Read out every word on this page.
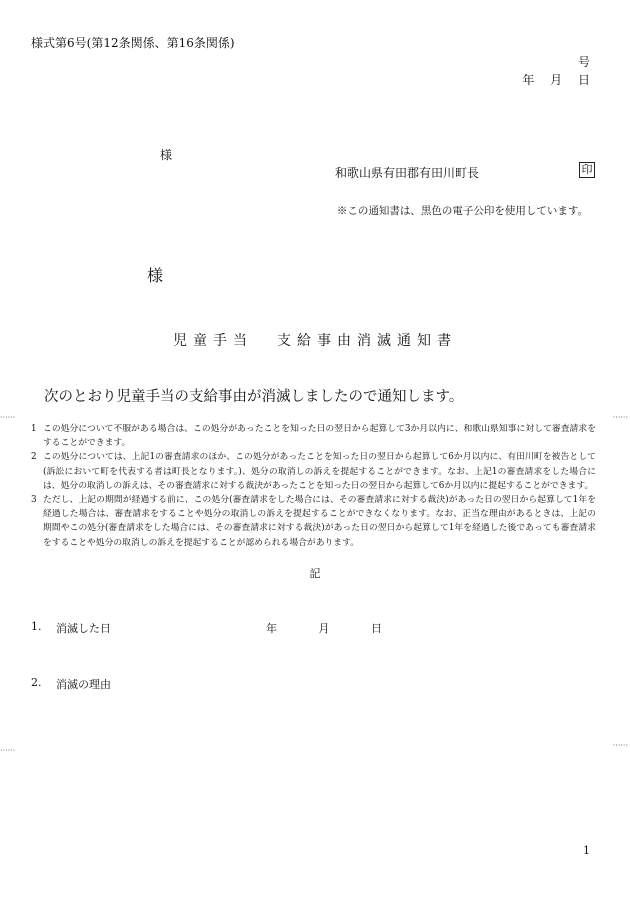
様式第6号(第12条関係、第16条関係)
号
年 月 日
様
和歌山県有田郡有田川町長	印
※この通知書は、黒色の電子公印を使用しています。
様
児童手当 支給事由消滅通知書
次のとおり児童手当の支給事由が消滅しましたので通知します。
1 この処分について不服がある場合は、この処分があったことを知った日の翌日から起算して3か月以内に、和歌山県知事に対して審査請求をすることができます。
2 この処分については、上記1の審査請求のほか、この処分があったことを知った日の翌日から起算して6か月以内に、有田川町を被告として(訴訟において町を代表する者は町長となります。)、処分の取消しの訴えを提起することができます。なお、上記1の審査請求をした場合には、処分の取消しの訴えは、その審査請求に対する裁決があったことを知った日の翌日から起算して6か月以内に提起することができます。
3 ただし、上記の期間が経過する前に、この処分(審査請求をした場合には、その審査請求に対する裁決)があった日の翌日から起算して1年を経過した場合は、審査請求をすることや処分の取消しの訴えを提起することができなくなります。なお、正当な理由があるときは、上記の期間やこの処分(審査請求をした場合には、その審査請求に対する裁決)があった日の翌日から起算して1年を経過した後であっても審査請求をすることや処分の取消しの訴えを提起することが認められる場合があります。
記
1. 消滅した日	年 月 日
2. 消滅の理由
1
······	······
······
······
